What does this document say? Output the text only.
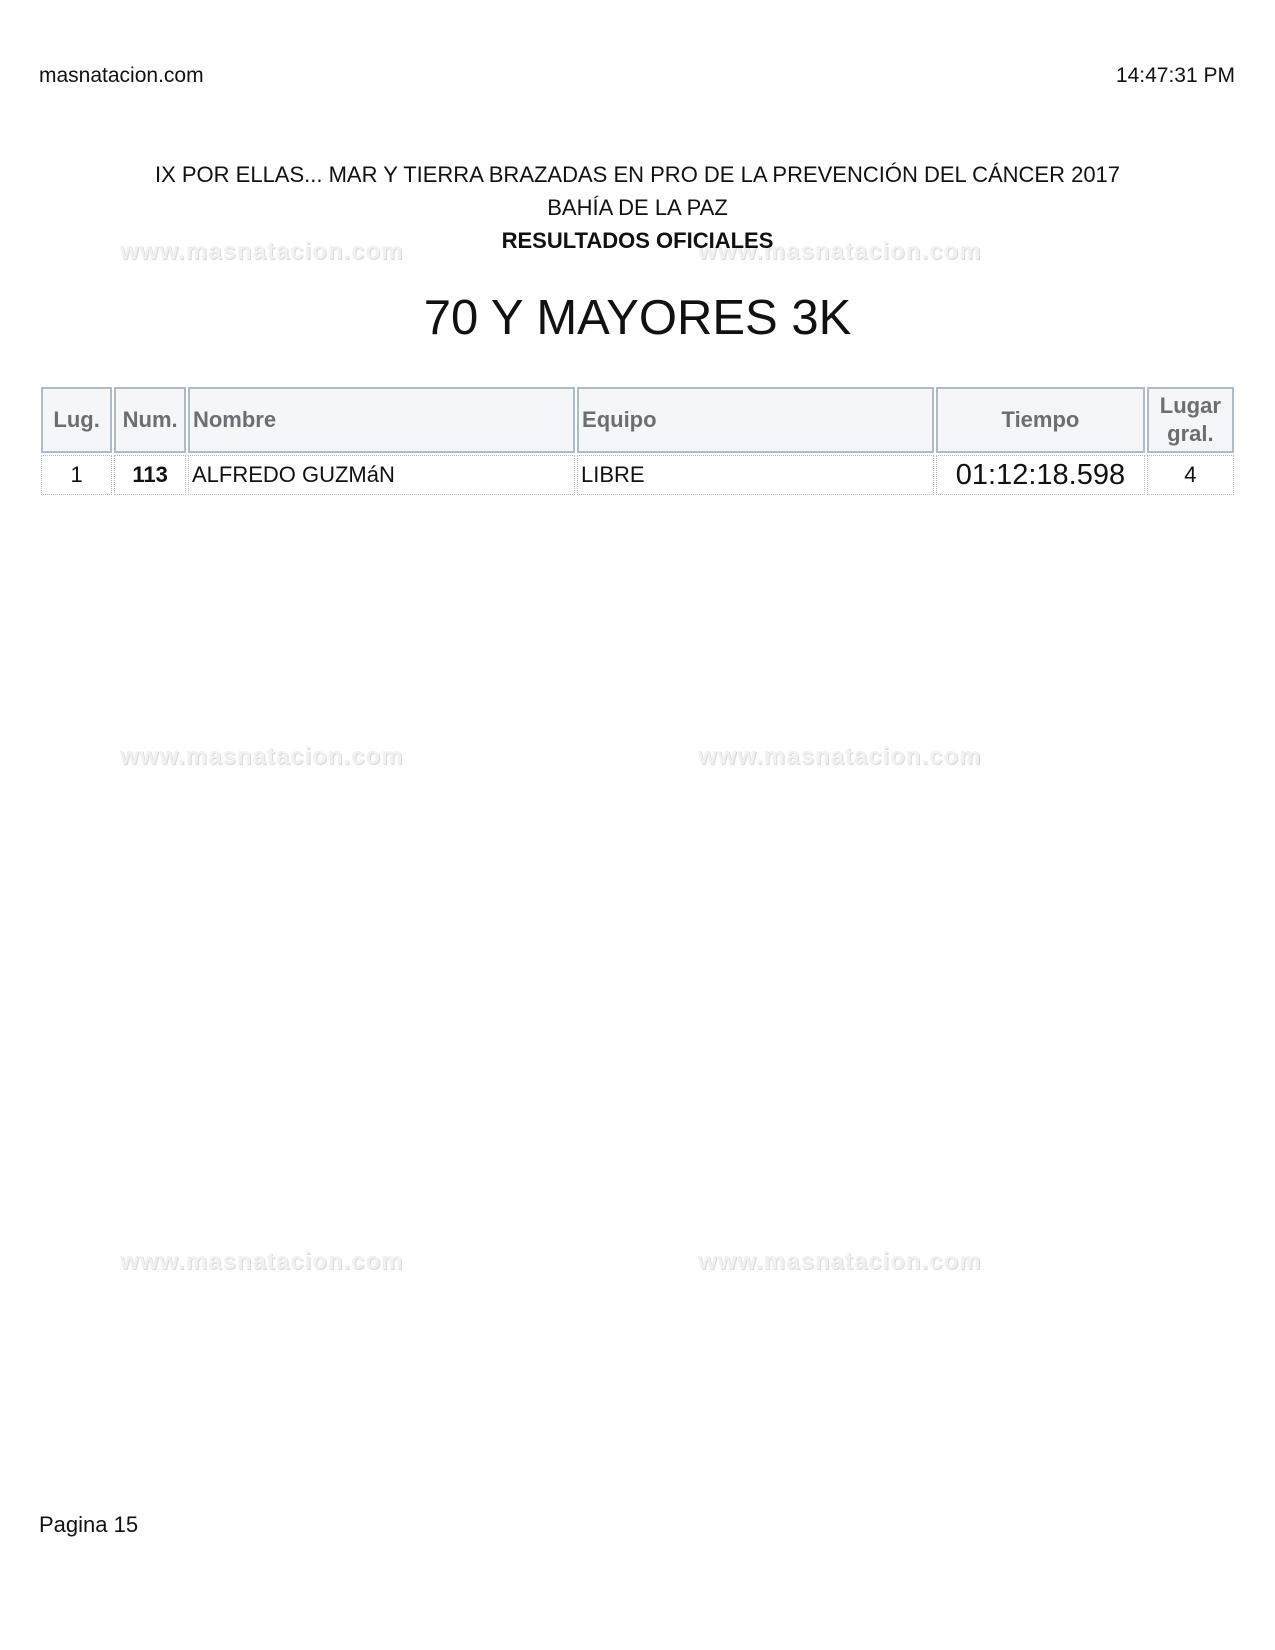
masnatacion.com	14:47:31 PM
www.masnatacion.com	www.masnatacion.com
www.masnatacion.com	www.masnatacion.com
www.masnatacion.com	www.masnatacion.com
IX POR ELLAS... MAR Y TIERRA BRAZADAS EN PRO DE LA PREVENCIÓN DEL CÁNCER 2017
BAHÍA DE LA PAZ
RESULTADOS OFICIALES
70 Y MAYORES 3K
Lug.	Num.	Nombre	Equipo	Tiempo	Lugar
gral.
1	113	ALFREDO GUZMáN	LIBRE	01:12:18.598	4
Pagina 15
